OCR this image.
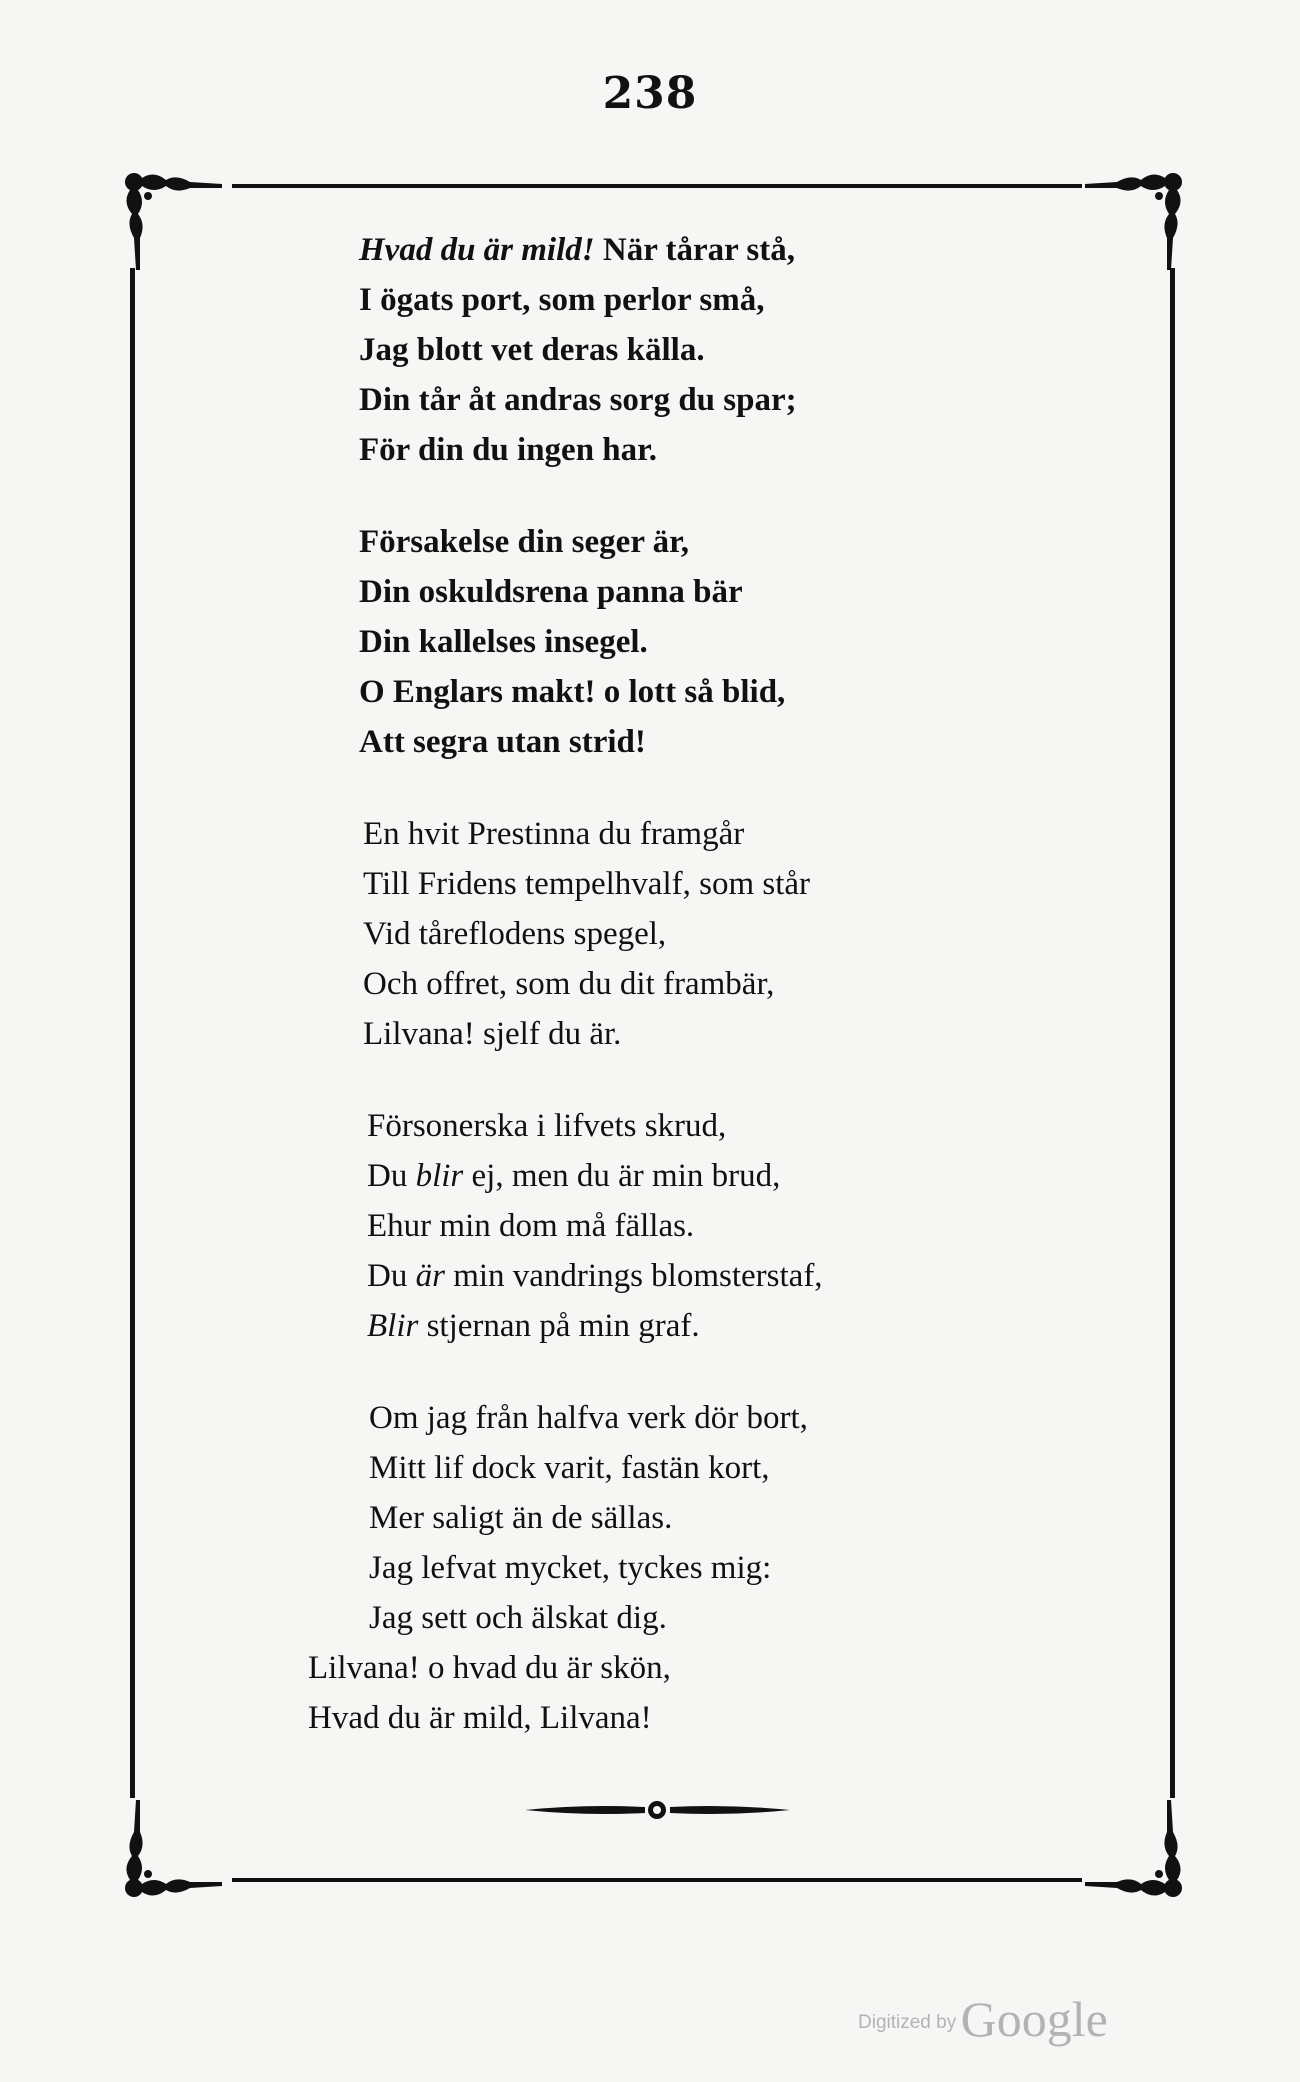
238
Hvad du är mild! När tårar stå,
I ögats port, som perlor små,
Jag blott vet deras källa.
Din tår åt andras sorg du spar;
För din du ingen har.
Försakelse din seger är,
Din oskuldsrena panna bär
Din kallelses insegel.
O Englars makt! o lott så blid,
Att segra utan strid!
En hvit Prestinna du framgår
Till Fridens tempelhvalf, som står
Vid tåreflodens spegel,
Och offret, som du dit frambär,
Lilvana! sjelf du är.
Försonerska i lifvets skrud,
Du blir ej, men du är min brud,
Ehur min dom må fällas.
Du är min vandrings blomsterstaf,
Blir stjernan på min graf.
Om jag från halfva verk dör bort,
Mitt lif dock varit, fastän kort,
Mer saligt än de sällas.
Jag lefvat mycket, tyckes mig:
Jag sett och älskat dig.
Lilvana! o hvad du är skön,
Hvad du är mild, Lilvana!
Digitized by Google
